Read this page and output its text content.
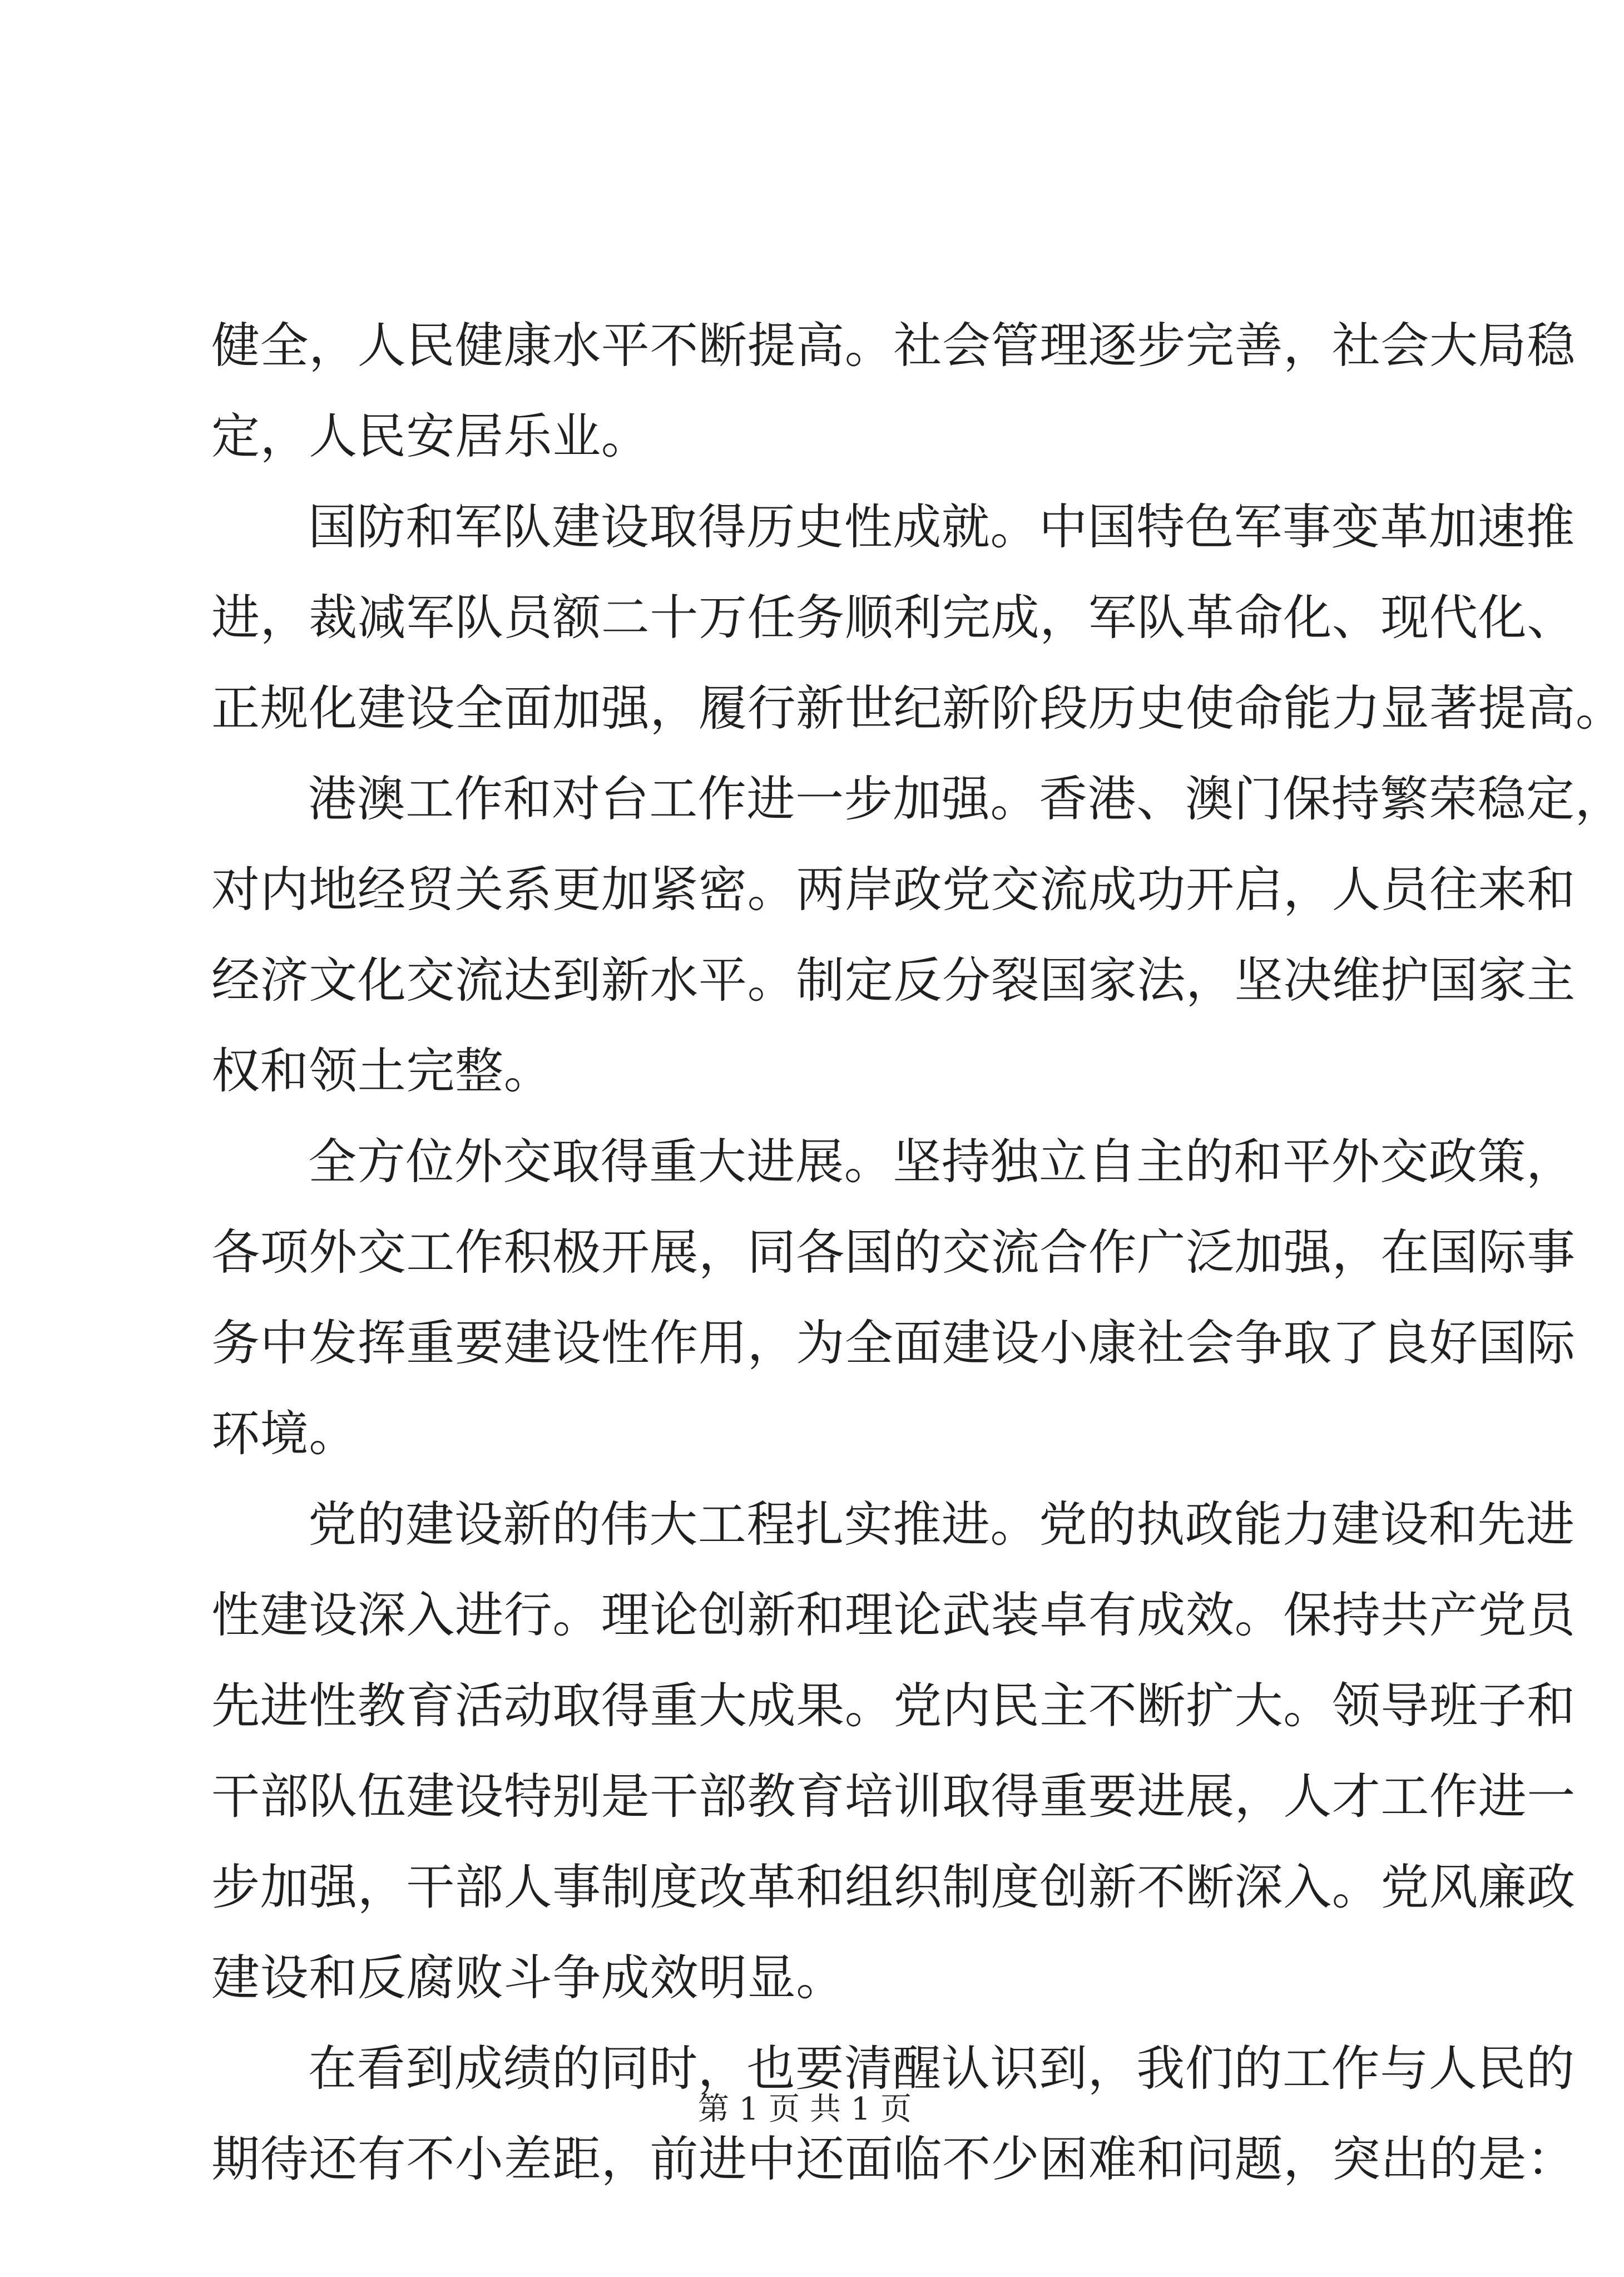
健全，人民健康水平不断提高。社会管理逐步完善，社会大局稳
定，人民安居乐业。
国防和军队建设取得历史性成就。中国特色军事变革加速推
进，裁减军队员额二十万任务顺利完成，军队革命化、现代化、
正规化建设全面加强，履行新世纪新阶段历史使命能力显著提高。
港澳工作和对台工作进一步加强。香港、澳门保持繁荣稳定，
对内地经贸关系更加紧密。两岸政党交流成功开启，人员往来和
经济文化交流达到新水平。制定反分裂国家法，坚决维护国家主
权和领土完整。
全方位外交取得重大进展。坚持独立自主的和平外交政策，
各项外交工作积极开展，同各国的交流合作广泛加强，在国际事
务中发挥重要建设性作用，为全面建设小康社会争取了良好国际
环境。
党的建设新的伟大工程扎实推进。党的执政能力建设和先进
性建设深入进行。理论创新和理论武装卓有成效。保持共产党员
先进性教育活动取得重大成果。党内民主不断扩大。领导班子和
干部队伍建设特别是干部教育培训取得重要进展，人才工作进一
步加强，干部人事制度改革和组织制度创新不断深入。党风廉政
建设和反腐败斗争成效明显。
在看到成绩的同时，也要清醒认识到，我们的工作与人民的
期待还有不小差距，前进中还面临不少困难和问题，突出的是：
第 1 页 共 1 页
